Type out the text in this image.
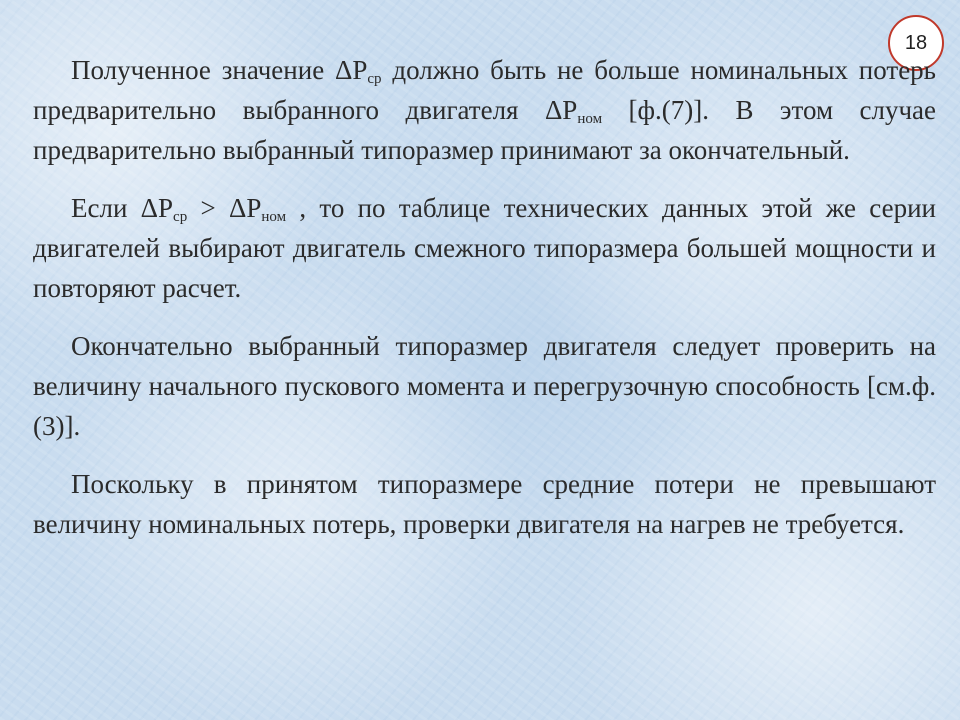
18

Полученное значение $\Delta P_{ср}$ должно быть не больше номинальных потерь предварительно выбранного двигателя $\Delta P_{ном}$ [ф.(7)]. В этом случае предварительно выбранный типоразмер принимают за окончательный.

Если $\Delta P_{ср} > \Delta P_{ном}$ , то по таблице технических данных этой же серии двигателей выбирают двигатель смежного типоразмера большей мощности и повторяют расчет.

Окончательно выбранный типоразмер двигателя следует проверить на величину начального пускового момента и перегрузочную способность [см.ф.(3)].

Поскольку в принятом типоразмере средние потери не превышают величину номинальных потерь, проверки двигателя на нагрев не требуется.
